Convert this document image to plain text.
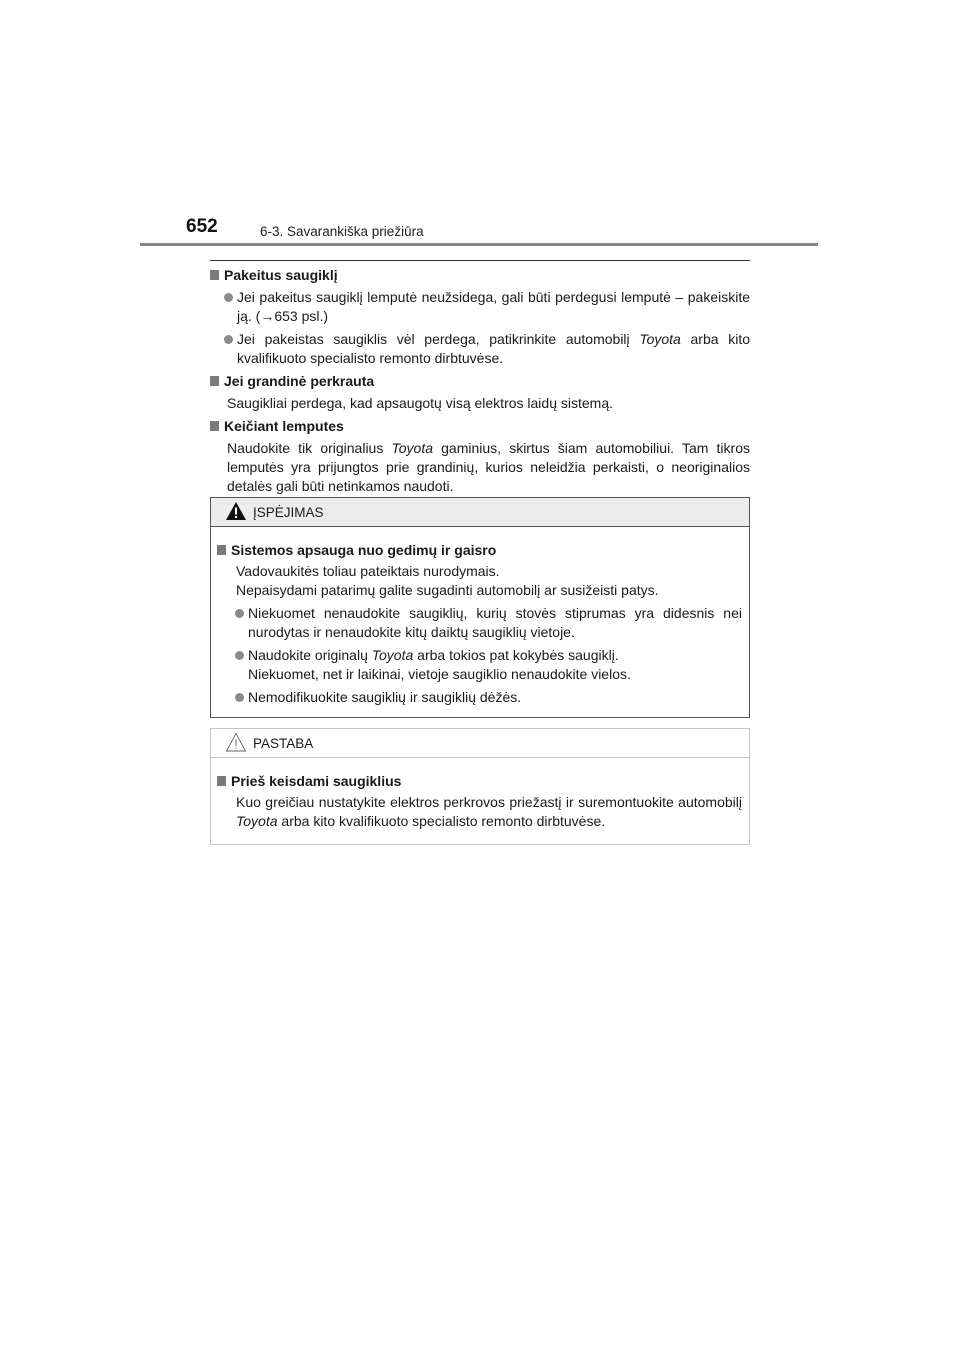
652	6-3. Savarankiška priežiūra
Pakeitus saugiklį
Jei pakeitus saugiklį lemputė neužsidega, gali būti perdegusi lemputė – pakeiskite ją. (→653 psl.)
Jei pakeistas saugiklis vėl perdega, patikrinkite automobilį Toyota arba kito kvalifikuoto specialisto remonto dirbtuvėse.
Jei grandinė perkrauta
Saugikliai perdega, kad apsaugotų visą elektros laidų sistemą.
Keičiant lemputes
Naudokite tik originalius Toyota gaminius, skirtus šiam automobiliui. Tam tikros lemputės yra prijungtos prie grandinių, kurios neleidžia perkaisti, o neoriginalios detalės gali būti netinkamos naudoti.
ĮSPĖJIMAS
Sistemos apsauga nuo gedimų ir gaisro
Vadovaukitės toliau pateiktais nurodymais.
Nepaisydami patarimų galite sugadinti automobilį ar susižeisti patys.
Niekuomet nenaudokite saugiklių, kurių stovės stiprumas yra didesnis nei nurodytas ir nenaudokite kitų daiktų saugiklių vietoje.
Naudokite originalų Toyota arba tokios pat kokybės saugiklį.
Niekuomet, net ir laikinai, vietoje saugiklio nenaudokite vielos.
Nemodifikuokite saugiklių ir saugiklių dėžės.
PASTABA
Prieš keisdami saugiklius
Kuo greičiau nustatykite elektros perkrovos priežastį ir suremontuokite automobilį Toyota arba kito kvalifikuoto specialisto remonto dirbtuvėse.
